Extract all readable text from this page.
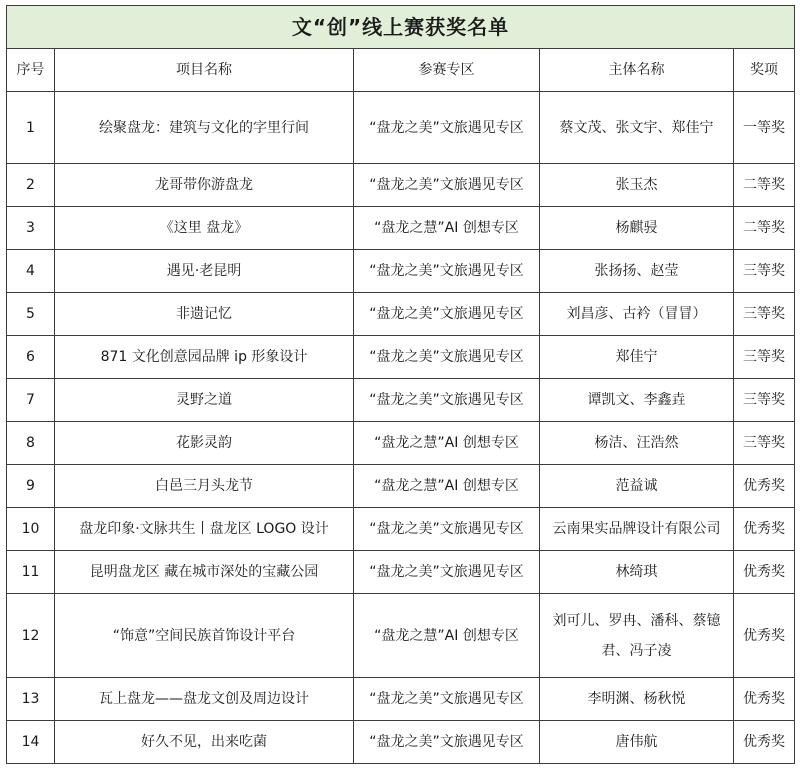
文“创”线上赛获奖名单				
序号	项目名称	参赛专区	主体名称	奖项
1	绘聚盘龙：建筑与文化的字里行间	“盘龙之美”文旅遇见专区	蔡文茂、张文宇、郑佳宁	一等奖
2	龙哥带你游盘龙	“盘龙之美”文旅遇见专区	张玉杰	二等奖
3	《这里 盘龙》	“盘龙之慧”AI 创想专区	杨麒骎	二等奖
4	遇见·老昆明	“盘龙之美”文旅遇见专区	张扬扬、赵莹	三等奖
5	非遗记忆	“盘龙之美”文旅遇见专区	刘昌彦、古衿（冒冒）	三等奖
6	871 文化创意园品牌 ip 形象设计	“盘龙之美”文旅遇见专区	郑佳宁	三等奖
7	灵野之道	“盘龙之美”文旅遇见专区	谭凯文、李鑫垚	三等奖
8	花影灵韵	“盘龙之慧”AI 创想专区	杨洁、汪浩然	三等奖
9	白邑三月头龙节	“盘龙之慧”AI 创想专区	范益诚	优秀奖
10	盘龙印象·文脉共生丨盘龙区 LOGO 设计	“盘龙之美”文旅遇见专区	云南果实品牌设计有限公司	优秀奖
11	昆明盘龙区 藏在城市深处的宝藏公园	“盘龙之美”文旅遇见专区	林绮琪	优秀奖
12	“饰意”空间民族首饰设计平台	“盘龙之慧”AI 创想专区	刘可儿、罗冉、潘科、蔡镱君、冯子凌	优秀奖
13	瓦上盘龙——盘龙文创及周边设计	“盘龙之美”文旅遇见专区	李明渊、杨秋悦	优秀奖
14	好久不见，出来吃菌	“盘龙之美”文旅遇见专区	唐伟航	优秀奖
